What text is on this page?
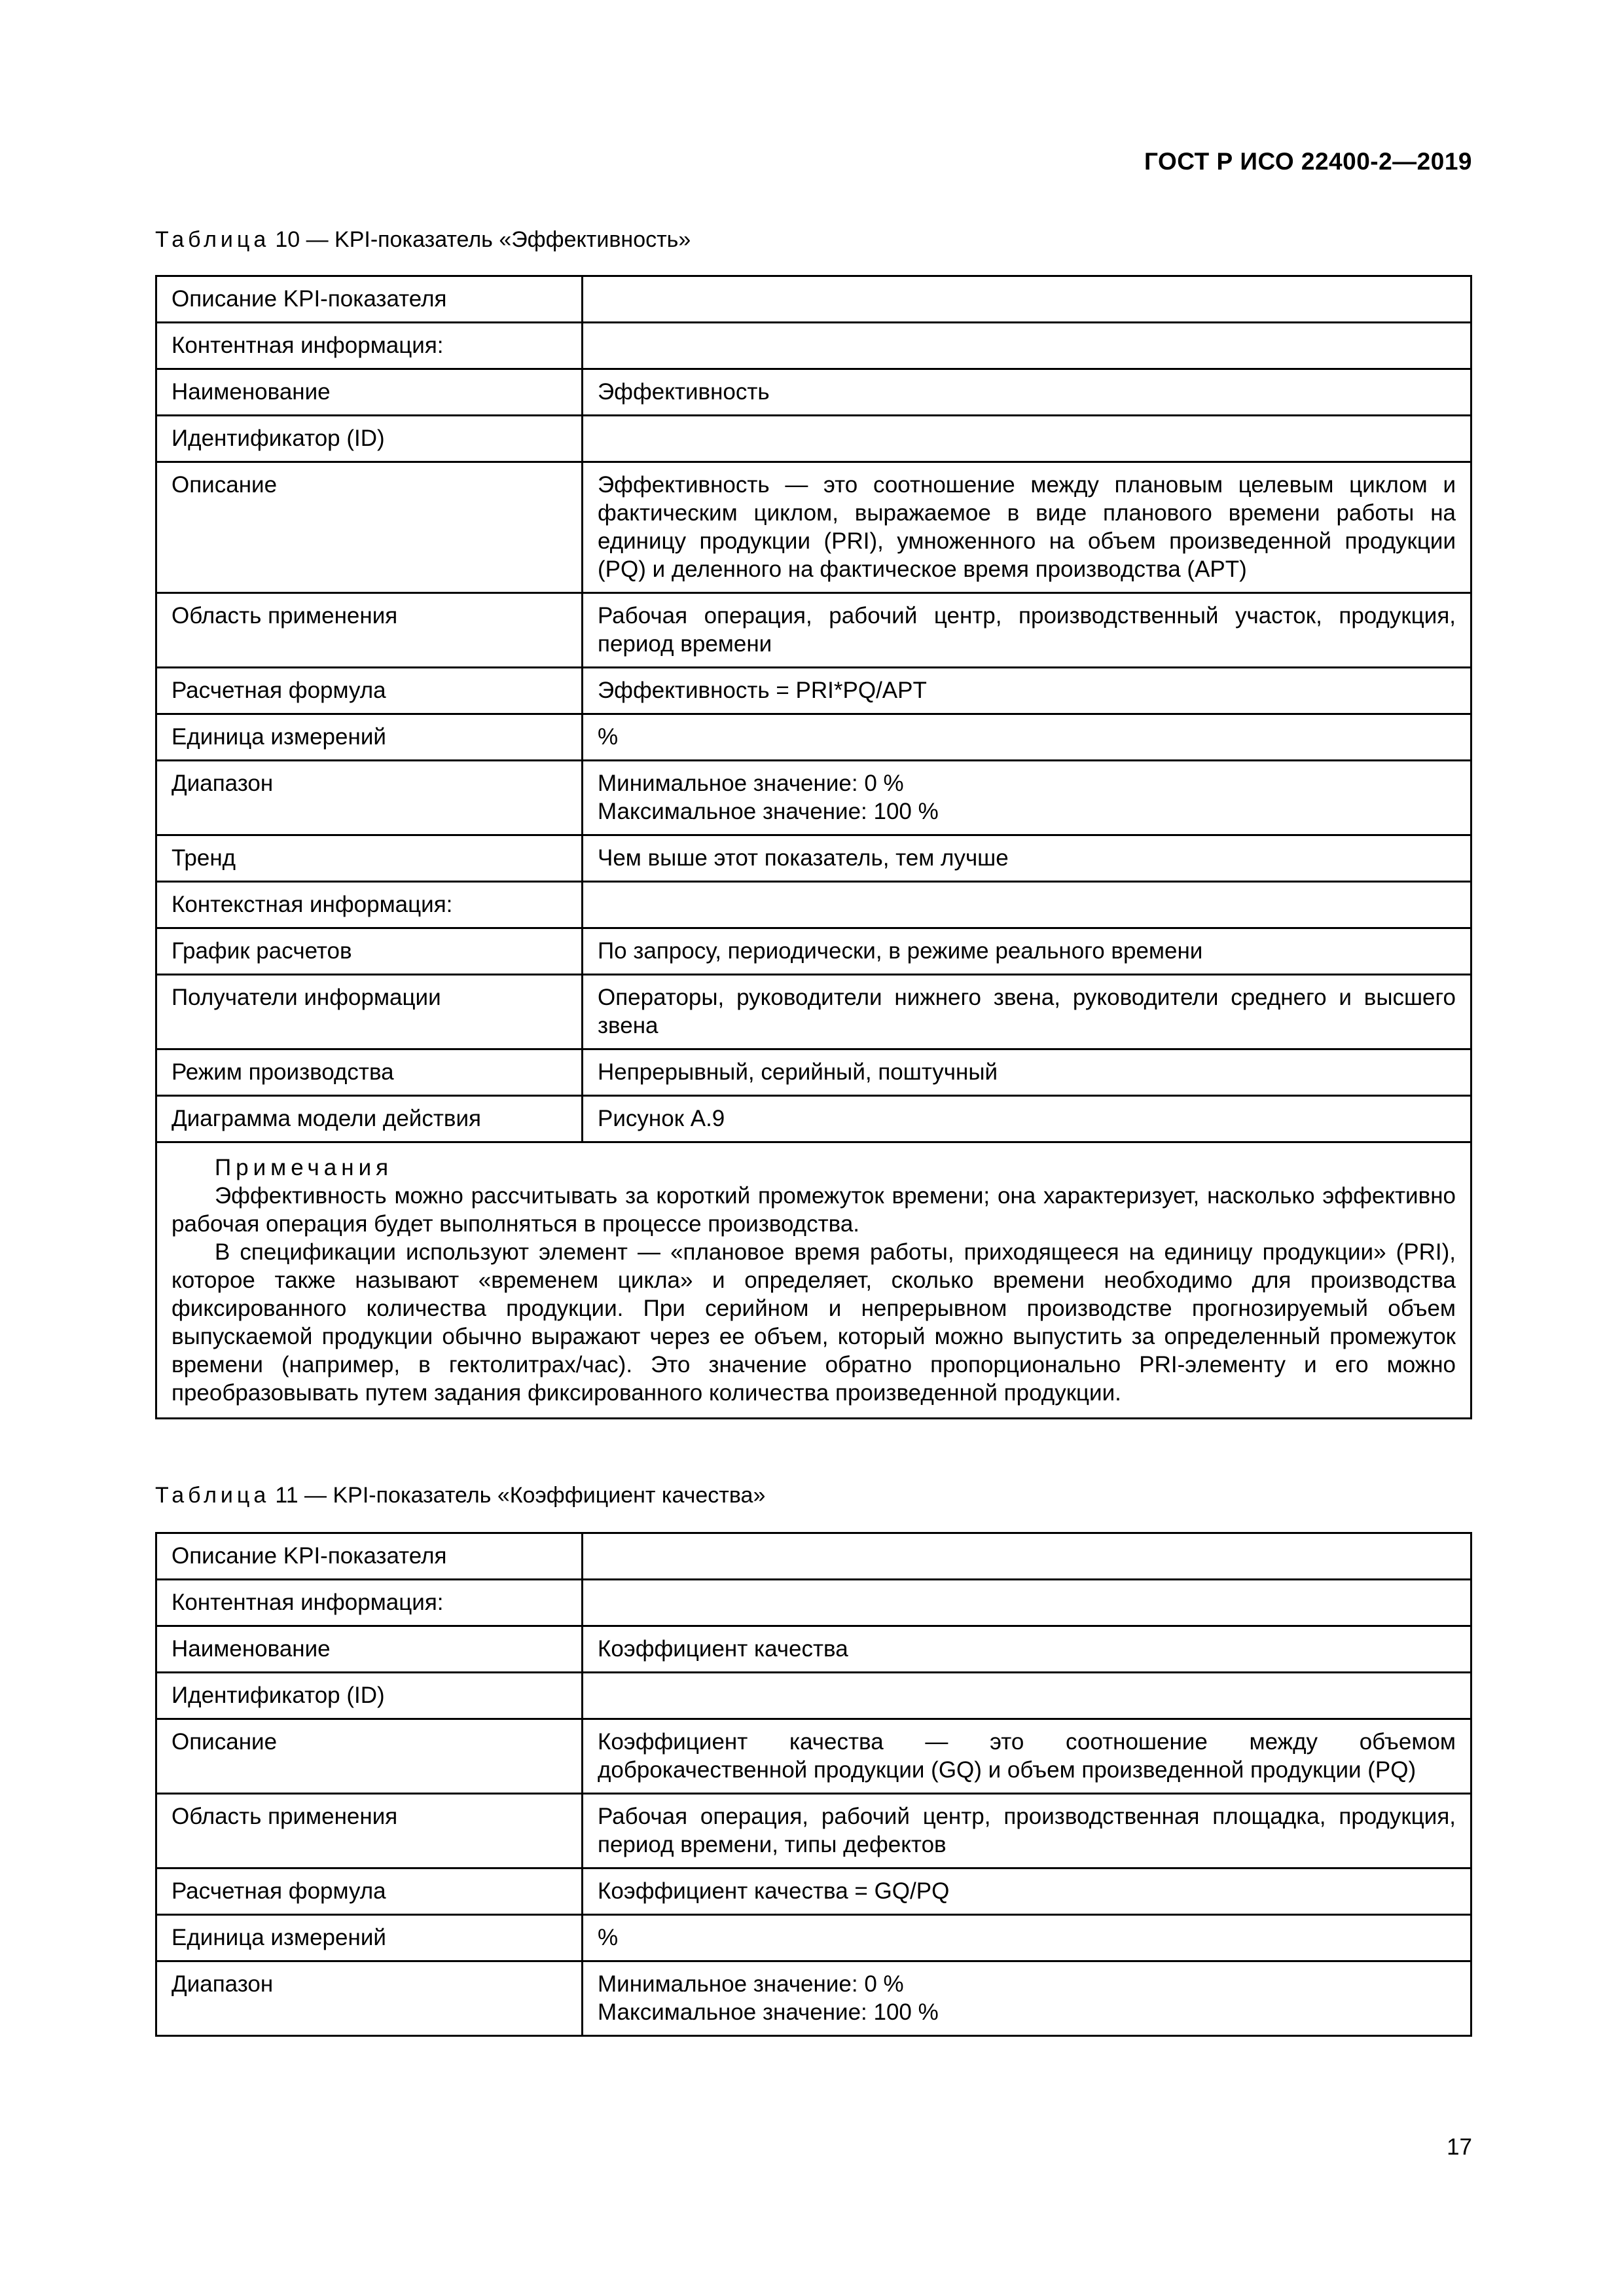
ГОСТ Р ИСО 22400-2—2019
Таблица 10 — KPI-показатель «Эффективность»
Описание KPI-показателя	
Контентная информация:	
Наименование	Эффективность
Идентификатор (ID)	
Описание	Эффективность — это соотношение между плановым целевым циклом и фактическим циклом, выражаемое в виде планового времени работы на единицу продукции (PRI), умноженного на объем произведенной продукции (PQ) и деленного на фактическое время производства (APT)
Область применения	Рабочая операция, рабочий центр, производственный участок, продукция, период времени
Расчетная формула	Эффективность = PRI*PQ/APT
Единица измерений	%
Диапазон	Минимальное значение: 0 %
Максимальное значение: 100 %

Тренд	Чем выше этот показатель, тем лучше
Контекстная информация:	
График расчетов	По запросу, периодически, в режиме реального времени
Получатели информации	Операторы, руководители нижнего звена, руководители среднего и высшего звена
Режим производства	Непрерывный, серийный, поштучный
Диаграмма модели действия	Рисунок А.9

Примечания

Эффективность можно рассчитывать за короткий промежуток времени; она характеризует, насколько эффективно рабочая операция будет выполняться в процессе производства.

В спецификации используют элемент — «плановое время работы, приходящееся на единицу продукции» (PRI), которое также называют «временем цикла» и определяет, сколько времени необходимо для производства фиксированного количества продукции. При серийном и непрерывном производстве прогнозируемый объем выпускаемой продукции обычно выражают через ее объем, который можно выпустить за определенный промежуток времени (например, в гектолитрах/час). Это значение обратно пропорционально PRI-элементу и его можно преобразовывать путем задания фиксированного количества произведенной продукции.	

Таблица 11 — KPI-показатель «Коэффициент качества»
Описание KPI-показателя	
Контентная информация:	
Наименование	Коэффициент качества
Идентификатор (ID)	
Описание	Коэффициент качества — это соотношение между объемом доброкачественной продукции (GQ) и объем произведенной продукции (PQ)
Область применения	Рабочая операция, рабочий центр, производственная площадка, продукция, период времени, типы дефектов
Расчетная формула	Коэффициент качества = GQ/PQ
Единица измерений	%
Диапазон	Минимальное значение: 0 %
Максимальное значение: 100 %
17
